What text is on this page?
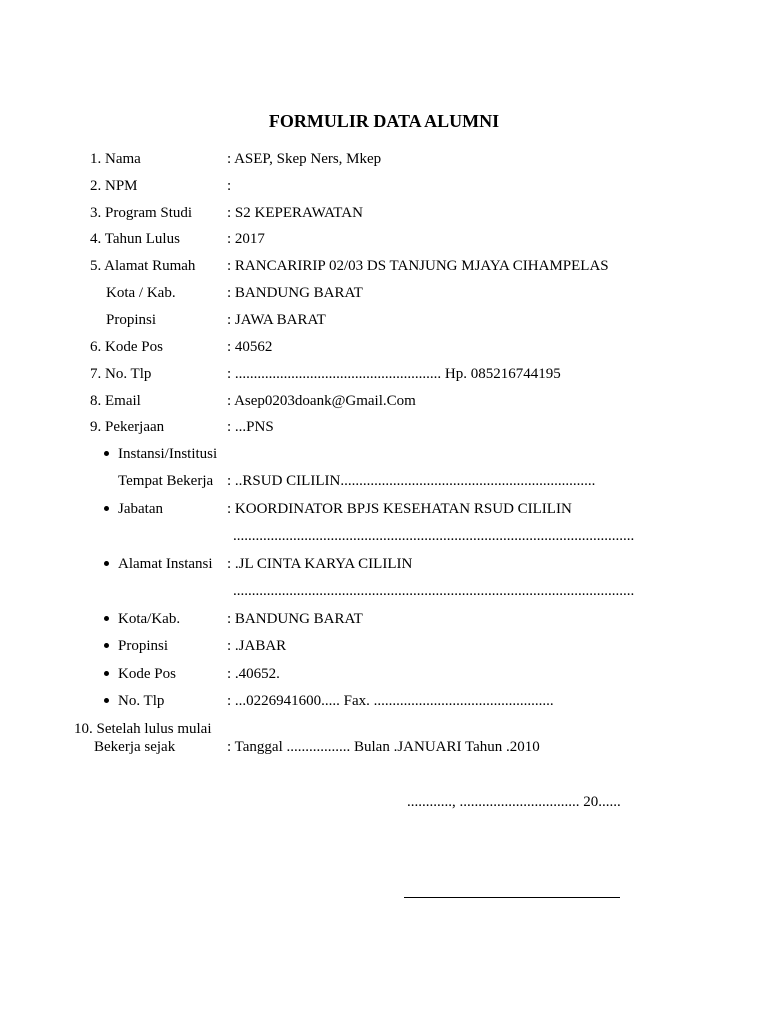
FORMULIR DATA ALUMNI
1. Nama	: ASEP, Skep Ners, Mkep
2. NPM	:
3. Program Studi : S2 KEPERAWATAN
4. Tahun Lulus	: 2017
5. Alamat Rumah : RANCARIRIP 02/03 DS TANJUNG MJAYA CIHAMPELAS
Kota / Kab.	: BANDUNG BARAT
Propinsi	: JAWA BARAT
6. Kode Pos	: 40562
7. No. Tlp	: ....................................................... Hp. 085216744195
8. Email	: Asep0203doank@Gmail.Com
9. Pekerjaan	: ...PNS
Instansi/Institusi
Tempat Bekerja : ..RSUD CILILIN....................................................................
Jabatan	: KOORDINATOR BPJS KESEHATAN RSUD CILILIN
...........................................................................................................
Alamat Instansi : .JL CINTA KARYA CILILIN
...........................................................................................................
Kota/Kab.	: BANDUNG BARAT
Propinsi	: .JABAR
Kode Pos	: .40652.
No. Tlp	: ...0226941600..... Fax. ................................................
10. Setelah lulus mulai
Bekerja sejak	: Tanggal ................. Bulan .JANUARI Tahun .2010
............, ................................ 20......
